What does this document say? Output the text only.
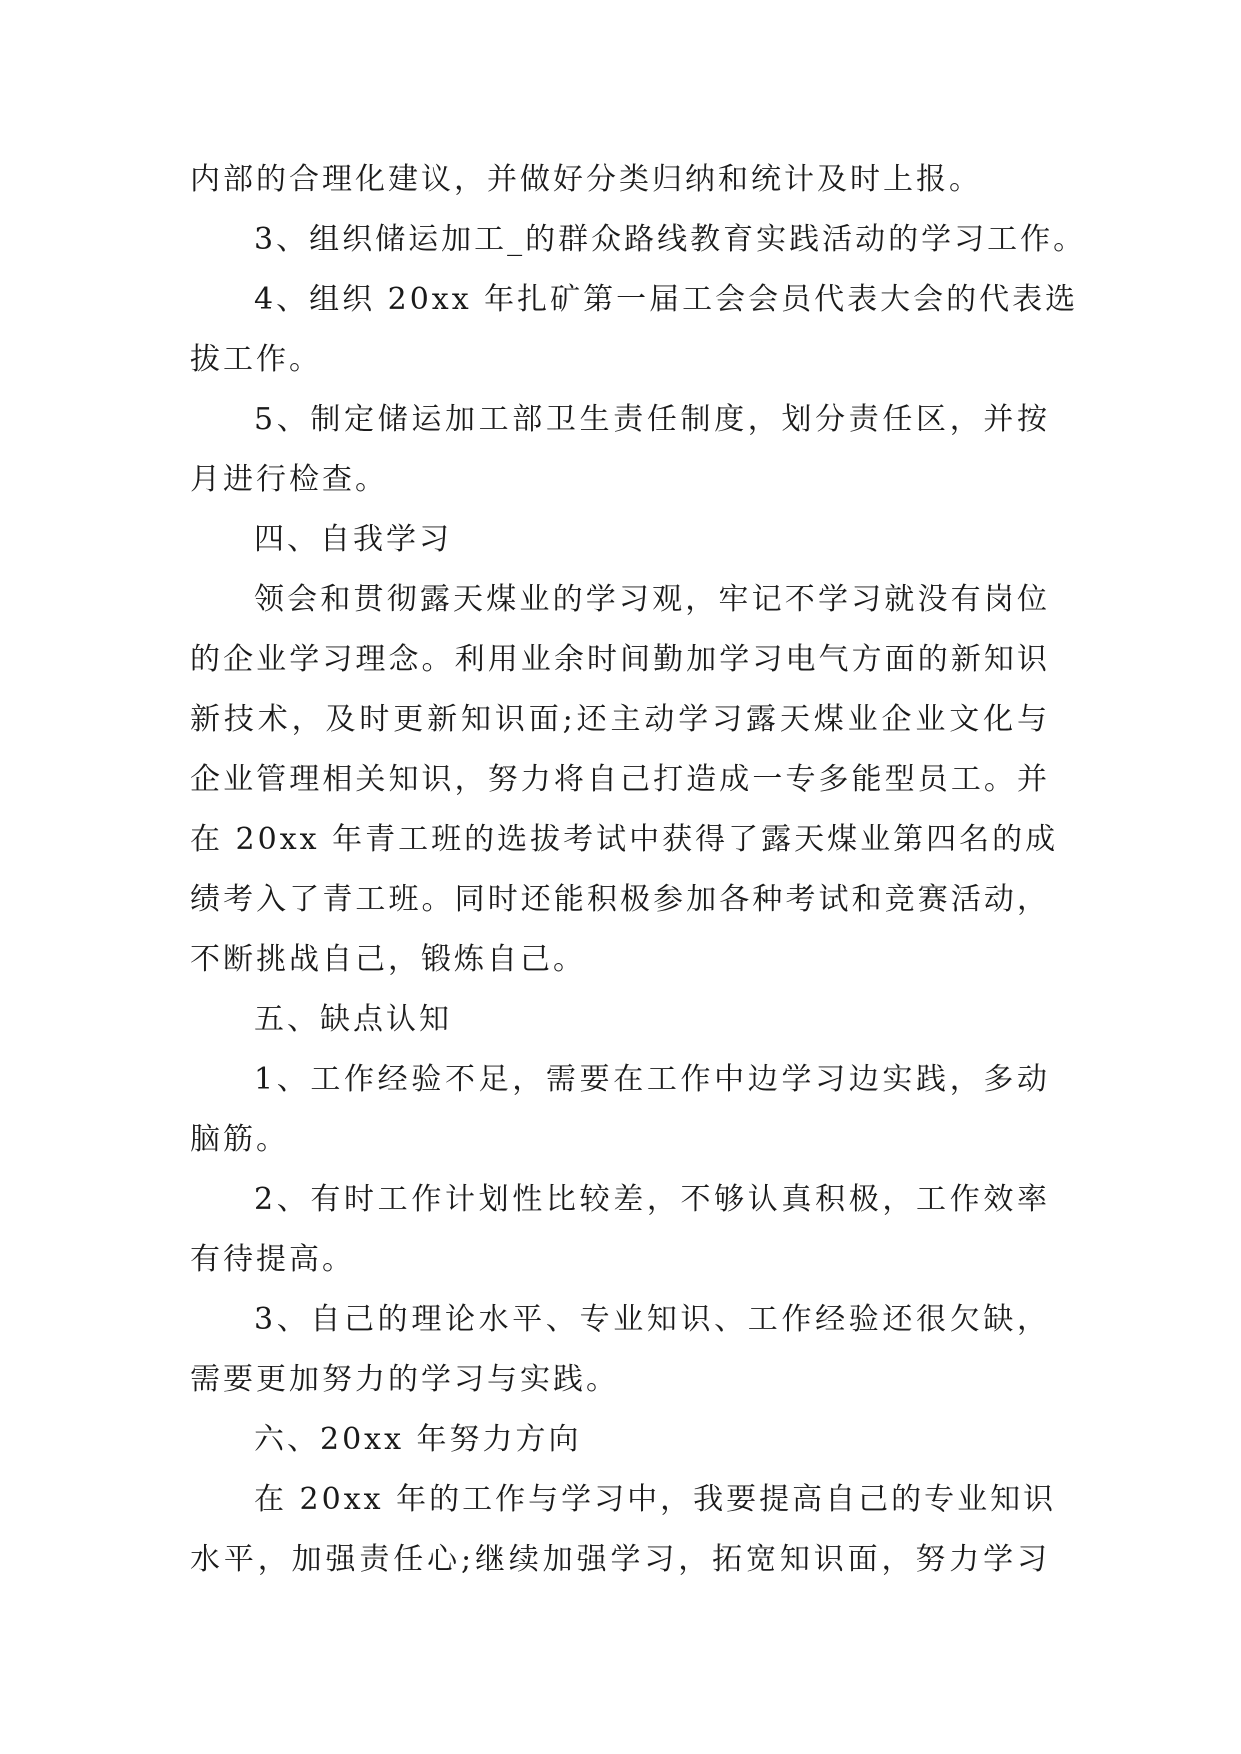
内部的合理化建议，并做好分类归纳和统计及时上报。
3、组织储运加工_的群众路线教育实践活动的学习工作。
4、组织 20xx 年扎矿第一届工会会员代表大会的代表选
拔工作。
5、制定储运加工部卫生责任制度，划分责任区，并按
月进行检查。
四、自我学习
领会和贯彻露天煤业的学习观，牢记不学习就没有岗位
的企业学习理念。利用业余时间勤加学习电气方面的新知识
新技术，及时更新知识面;还主动学习露天煤业企业文化与
企业管理相关知识，努力将自己打造成一专多能型员工。并
在 20xx 年青工班的选拔考试中获得了露天煤业第四名的成
绩考入了青工班。同时还能积极参加各种考试和竞赛活动，
不断挑战自己，锻炼自己。
五、缺点认知
1、工作经验不足，需要在工作中边学习边实践，多动
脑筋。
2、有时工作计划性比较差，不够认真积极，工作效率
有待提高。
3、自己的理论水平、专业知识、工作经验还很欠缺，
需要更加努力的学习与实践。
六、20xx 年努力方向
在 20xx 年的工作与学习中，我要提高自己的专业知识
水平，加强责任心;继续加强学习，拓宽知识面，努力学习
